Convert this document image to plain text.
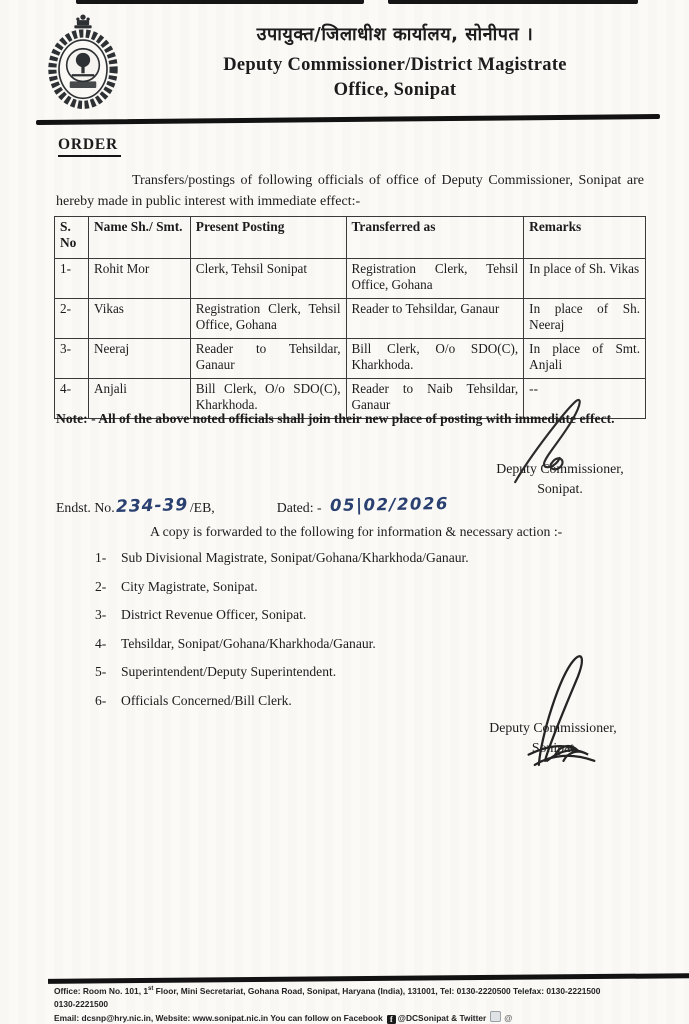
उपायुक्त/जिलाधीश कार्यालय, सोनीपत ।
Deputy Commissioner/District Magistrate
Office, Sonipat
ORDER
Transfers/postings of following officials of office of Deputy Commissioner, Sonipat are hereby made in public interest with immediate effect:-
S. No	Name Sh./ Smt.	Present Posting	Transferred as	Remarks
1-	Rohit Mor	Clerk, Tehsil Sonipat	Registration Clerk, Tehsil Office, Gohana	In place of Sh. Vikas
2-	Vikas	Registration Clerk, Tehsil Office, Gohana	Reader to Tehsildar, Ganaur	In place of Sh. Neeraj
3-	Neeraj	Reader to Tehsildar, Ganaur	Bill Clerk, O/o SDO(C), Kharkhoda.	In place of Smt. Anjali
4-	Anjali	Bill Clerk, O/o SDO(C), Kharkhoda.	Reader to Naib Tehsildar, Ganaur	--
Note: - All of the above noted officials shall join their new place of posting with immediate effect.
Deputy Commissioner,
Sonipat.
Endst. No.234-39 /EB,	Dated: - 05|02/2026
A copy is forwarded to the following for information & necessary action :-
1-	Sub Divisional Magistrate, Sonipat/Gohana/Kharkhoda/Ganaur.
2-	City Magistrate, Sonipat.
3-	District Revenue Officer, Sonipat.
4-	Tehsildar, Sonipat/Gohana/Kharkhoda/Ganaur.
5-	Superintendent/Deputy Superintendent.
6-	Officials Concerned/Bill Clerk.
Deputy Commissioner,
Sonipat
Office: Room No. 101, 1st Floor, Mini Secretariat, Gohana Road, Sonipat, Haryana (India), 131001, Tel: 0130-2220500 Telefax: 0130-2221500
0130-2221500
Email: dcsnp@hry.nic.in, Website: www.sonipat.nic.in You can follow on Facebook f @DCSonipat & Twitter @
